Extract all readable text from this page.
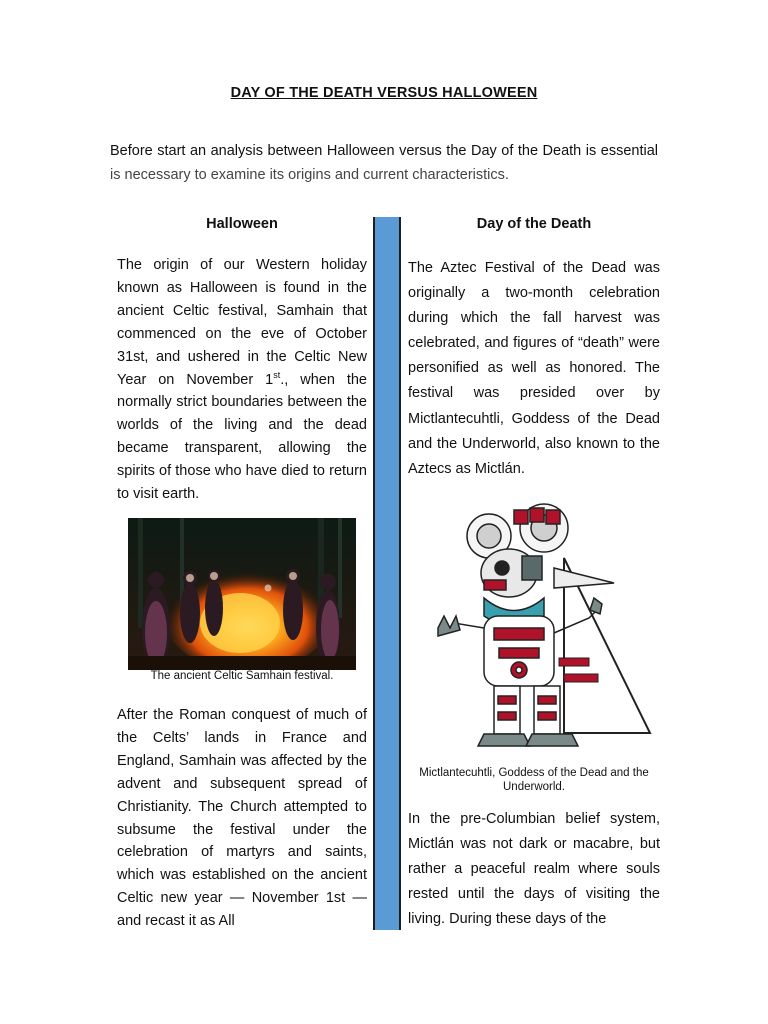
DAY OF THE DEATH VERSUS HALLOWEEN
Before start an analysis between Halloween versus the Day of the Death is essential is necessary to examine its origins and current characteristics.
Halloween	Day of the Death

The origin of our Western holiday known as Halloween is found in the ancient Celtic festival, Samhain that commenced on the eve of October 31st, and ushered in the Celtic New Year on November 1st., when the normally strict boundaries between the worlds of the living and the dead became transparent, allowing the spirits of those who have died to return to visit earth.

The ancient Celtic Samhain festival.

After the Roman conquest of much of the Celts’ lands in France and England, Samhain was affected by the advent and subsequent spread of Christianity. The Church attempted to subsume the festival under the celebration of martyrs and saints, which was established on the ancient Celtic new year — November 1st — and recast it as All

The Aztec Festival of the Dead was originally a two-month celebration during which the fall harvest was celebrated, and figures of “death” were personified as well as honored. The festival was presided over by Mictlantecuhtli, Goddess of the Dead and the Underworld, also known to the Aztecs as Mictlán.

Mictlantecuhtli, Goddess of the Dead and the Underworld.

In the pre-Columbian belief system, Mictlán was not dark or macabre, but rather a peaceful realm where souls rested until the days of visiting the living. During these days of the
